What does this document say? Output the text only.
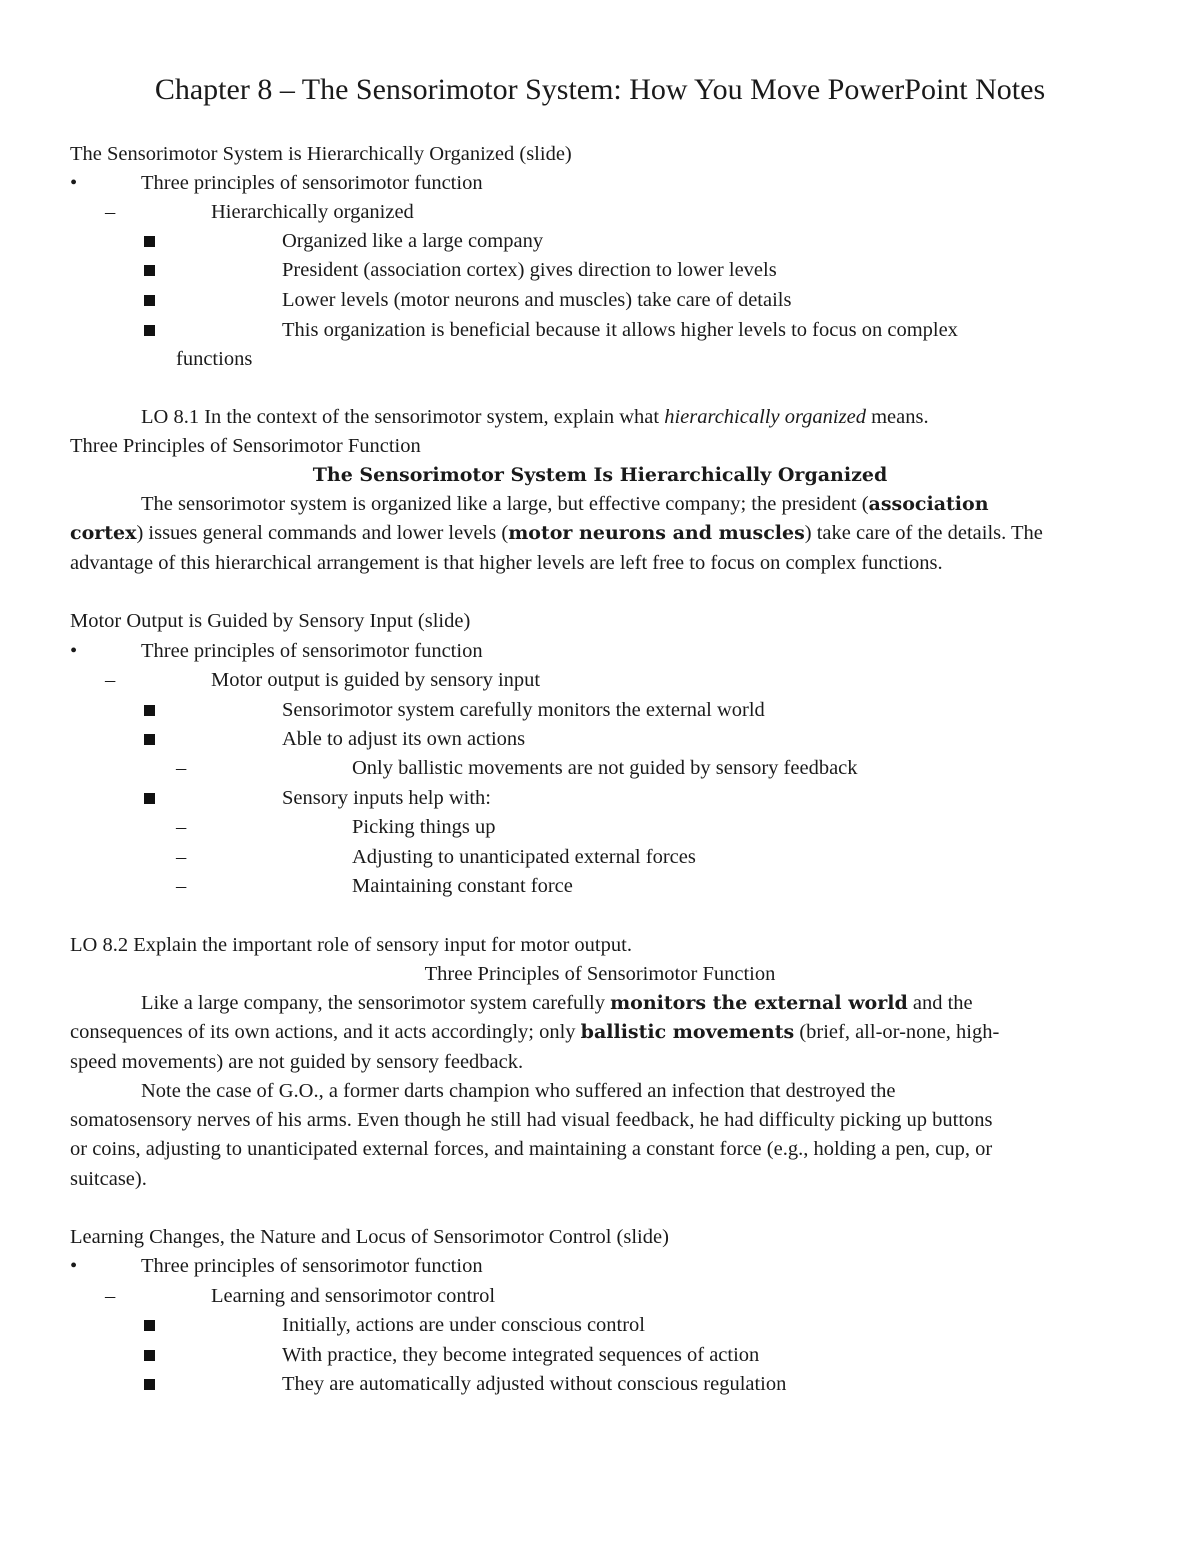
Chapter 8 – The Sensorimotor System: How You Move PowerPoint Notes
The Sensorimotor System is Hierarchically Organized (slide)
•	Three principles of sensorimotor function
–	Hierarchically organized
Organized like a large company
President (association cortex) gives direction to lower levels
Lower levels (motor neurons and muscles) take care of details
This organization is beneficial because it allows higher levels to focus on complex
functions
LO 8.1 In the context of the sensorimotor system, explain what hierarchically organized means.
Three Principles of Sensorimotor Function
The Sensorimotor System Is Hierarchically Organized
The sensorimotor system is organized like a large, but effective company; the president (association
cortex) issues general commands and lower levels (motor neurons and muscles) take care of the details. The
advantage of this hierarchical arrangement is that higher levels are left free to focus on complex functions.
Motor Output is Guided by Sensory Input (slide)
•	Three principles of sensorimotor function
–	Motor output is guided by sensory input
Sensorimotor system carefully monitors the external world
Able to adjust its own actions
–	Only ballistic movements are not guided by sensory feedback
Sensory inputs help with:
–	Picking things up
–	Adjusting to unanticipated external forces
–	Maintaining constant force
LO 8.2 Explain the important role of sensory input for motor output.
Three Principles of Sensorimotor Function
Like a large company, the sensorimotor system carefully monitors the external world and the
consequences of its own actions, and it acts accordingly; only ballistic movements (brief, all-or-none, high-
speed movements) are not guided by sensory feedback.
Note the case of G.O., a former darts champion who suffered an infection that destroyed the
somatosensory nerves of his arms. Even though he still had visual feedback, he had difficulty picking up buttons
or coins, adjusting to unanticipated external forces, and maintaining a constant force (e.g., holding a pen, cup, or
suitcase).
Learning Changes, the Nature and Locus of Sensorimotor Control (slide)
•	Three principles of sensorimotor function
–	Learning and sensorimotor control
Initially, actions are under conscious control
With practice, they become integrated sequences of action
They are automatically adjusted without conscious regulation
